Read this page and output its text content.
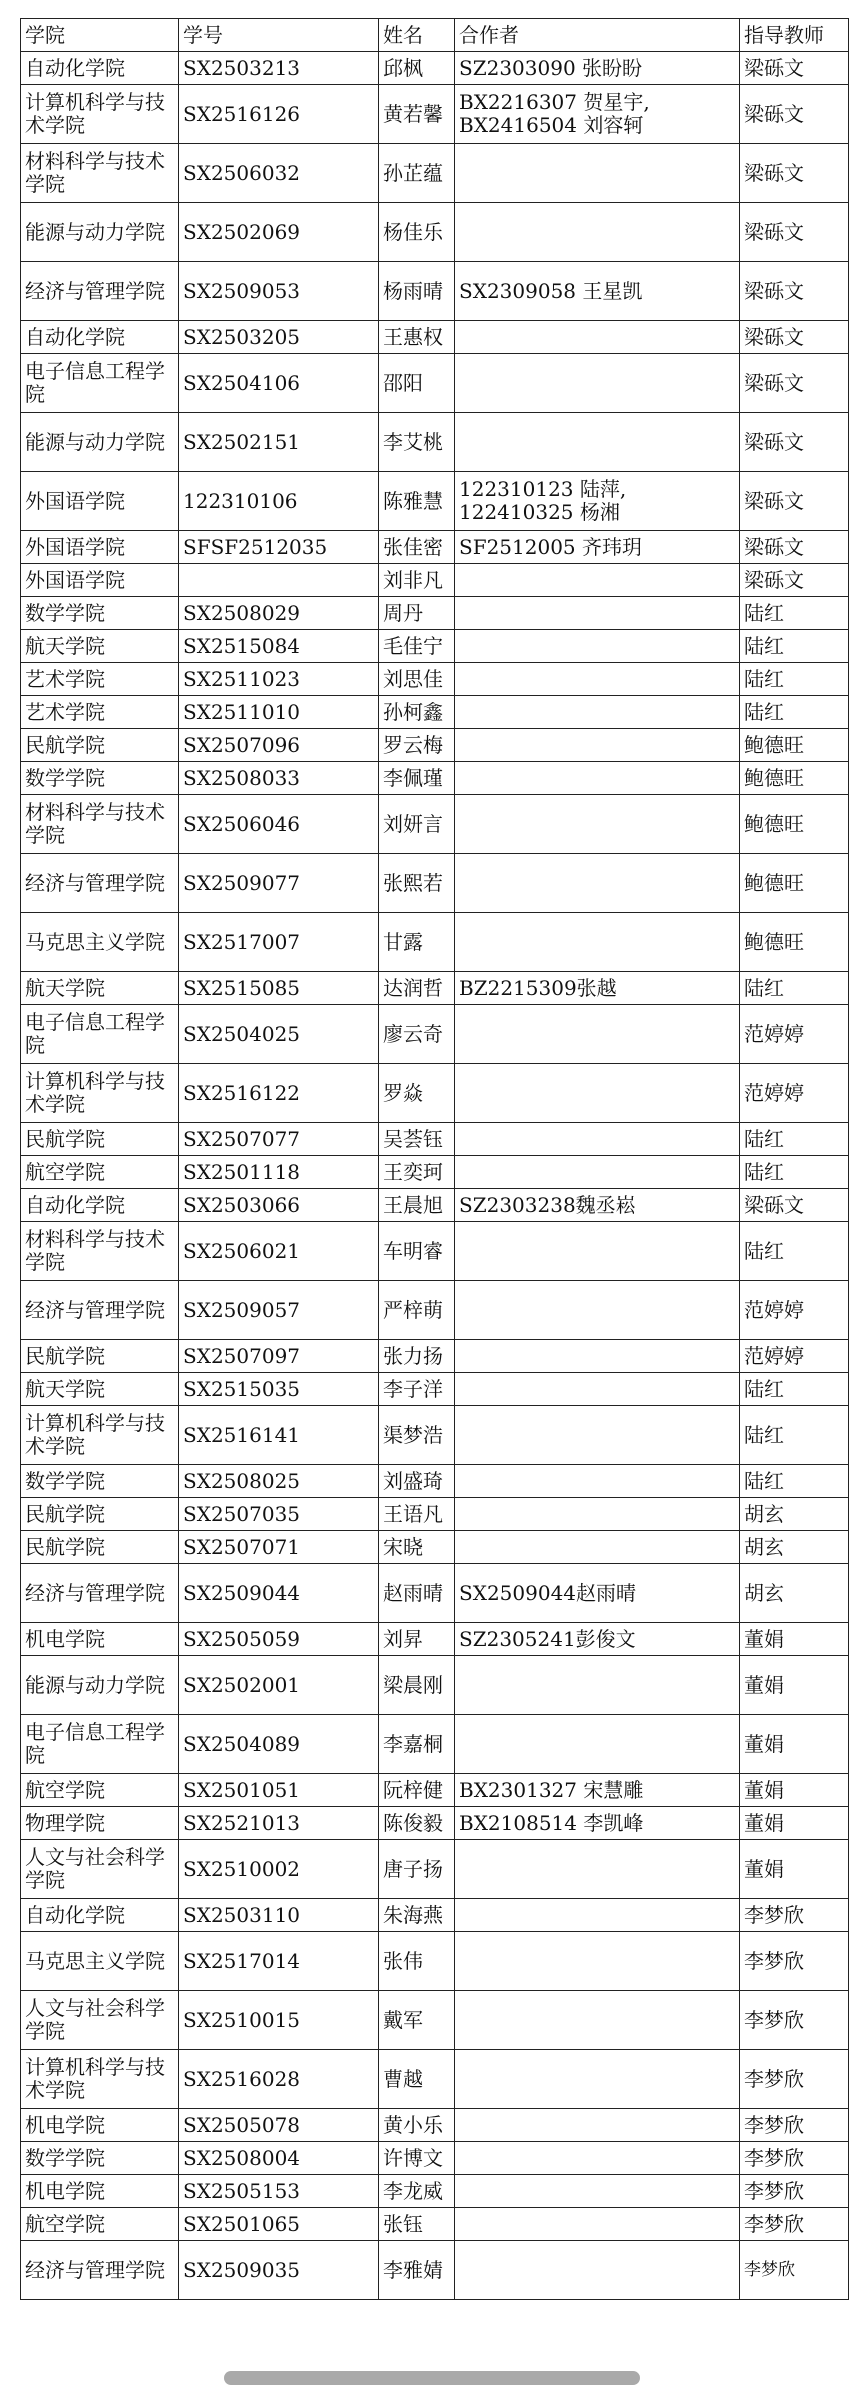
学院	学号	姓名	合作者	指导教师
自动化学院	SX2503213	邱枫	SZ2303090 张盼盼	梁砾文
计算机科学与技术学院	SX2516126	黄若馨	BX2216307 贺星宇, BX2416504 刘容轲	梁砾文
材料科学与技术学院	SX2506032	孙芷蕴		梁砾文
能源与动力学院	SX2502069	杨佳乐		梁砾文
经济与管理学院	SX2509053	杨雨晴	SX2309058 王星凯	梁砾文
自动化学院	SX2503205	王惠权		梁砾文
电子信息工程学院	SX2504106	邵阳		梁砾文
能源与动力学院	SX2502151	李艾桃		梁砾文
外国语学院	122310106	陈雅慧	122310123 陆萍, 122410325 杨湘	梁砾文
外国语学院	SFSF2512035	张佳密	SF2512005 齐玮玥	梁砾文
外国语学院		刘非凡		梁砾文
数学学院	SX2508029	周丹		陆红
航天学院	SX2515084	毛佳宁		陆红
艺术学院	SX2511023	刘思佳		陆红
艺术学院	SX2511010	孙柯鑫		陆红
民航学院	SX2507096	罗云梅		鲍德旺
数学学院	SX2508033	李佩瑾		鲍德旺
材料科学与技术学院	SX2506046	刘妍言		鲍德旺
经济与管理学院	SX2509077	张熙若		鲍德旺
马克思主义学院	SX2517007	甘露		鲍德旺
航天学院	SX2515085	达润哲	BZ2215309张越	陆红
电子信息工程学院	SX2504025	廖云奇		范婷婷
计算机科学与技术学院	SX2516122	罗焱		范婷婷
民航学院	SX2507077	吴荟钰		陆红
航空学院	SX2501118	王奕珂		陆红
自动化学院	SX2503066	王晨旭	SZ2303238魏丞崧	梁砾文
材料科学与技术学院	SX2506021	车明睿		陆红
经济与管理学院	SX2509057	严梓萌		范婷婷
民航学院	SX2507097	张力扬		范婷婷
航天学院	SX2515035	李子洋		陆红
计算机科学与技术学院	SX2516141	渠梦浩		陆红
数学学院	SX2508025	刘盛琦		陆红
民航学院	SX2507035	王语凡		胡玄
民航学院	SX2507071	宋晓		胡玄
经济与管理学院	SX2509044	赵雨晴	SX2509044赵雨晴	胡玄
机电学院	SX2505059	刘昇	SZ2305241彭俊文	董娟
能源与动力学院	SX2502001	梁晨刚		董娟
电子信息工程学院	SX2504089	李嘉桐		董娟
航空学院	SX2501051	阮梓健	BX2301327 宋慧雕	董娟
物理学院	SX2521013	陈俊毅	BX2108514 李凯峰	董娟
人文与社会科学学院	SX2510002	唐子扬		董娟
自动化学院	SX2503110	朱海燕		李梦欣
马克思主义学院	SX2517014	张伟		李梦欣
人文与社会科学学院	SX2510015	戴军		李梦欣
计算机科学与技术学院	SX2516028	曹越		李梦欣
机电学院	SX2505078	黄小乐		李梦欣
数学学院	SX2508004	许博文		李梦欣
机电学院	SX2505153	李龙威		李梦欣
航空学院	SX2501065	张钰		李梦欣
经济与管理学院	SX2509035	李雅婧		李梦欣
